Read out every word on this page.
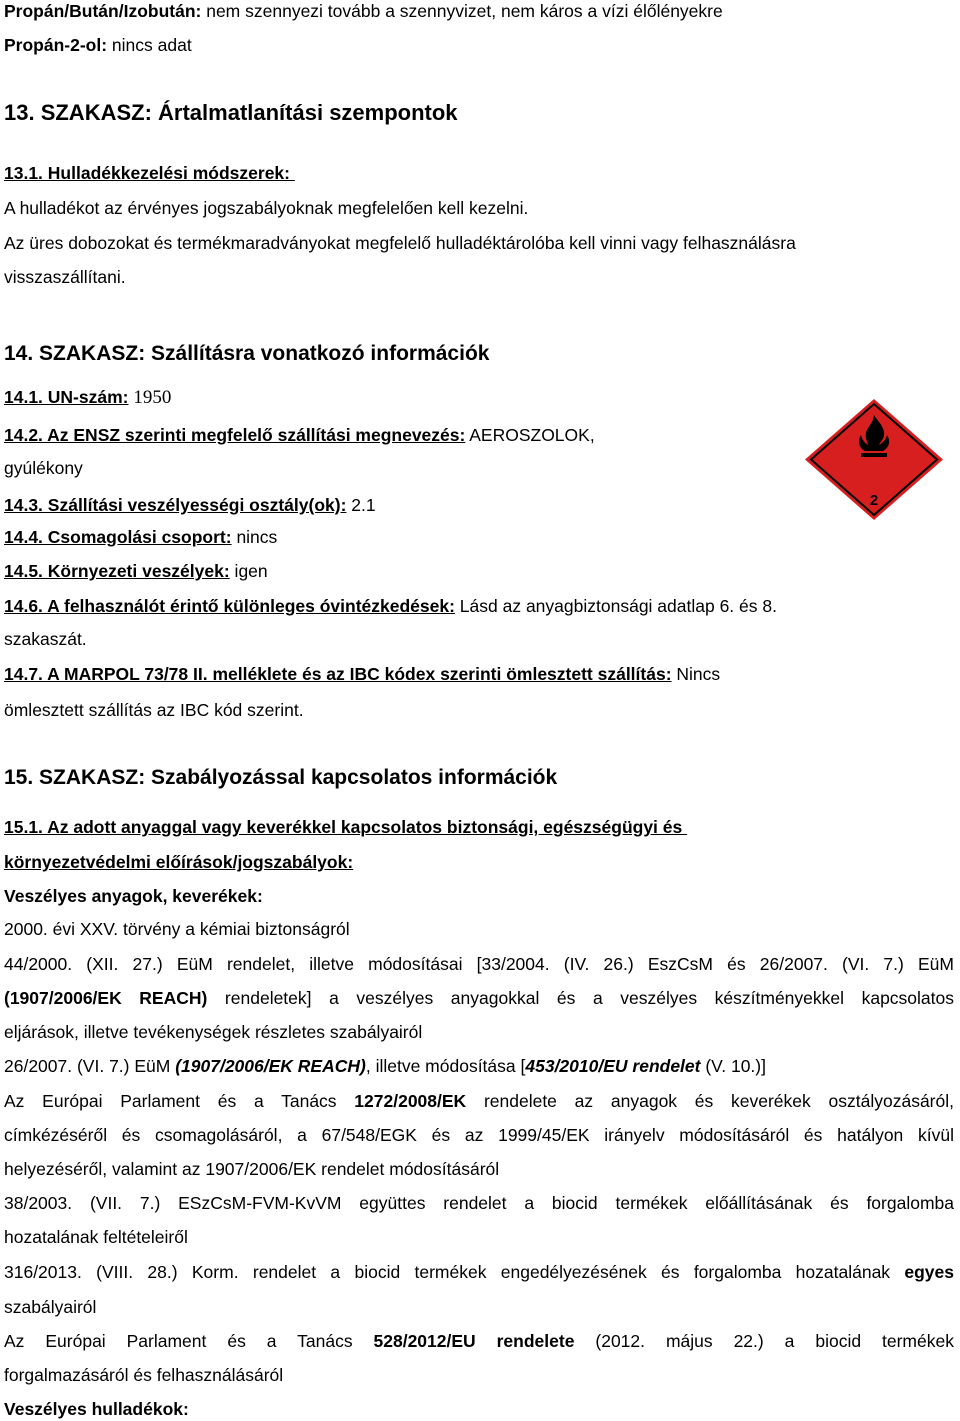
Propán/Bután/Izobután: nem szennyezi tovább a szennyvizet, nem káros a vízi élőlényekre
Propán-2-ol: nincs adat
13. SZAKASZ: Ártalmatlanítási szempontok
13.1. Hulladékkezelési módszerek:
A hulladékot az érvényes jogszabályoknak megfelelően kell kezelni.
Az üres dobozokat és termékmaradványokat megfelelő hulladéktárolóba kell vinni vagy felhasználásra
visszaszállítani.
14. SZAKASZ: Szállításra vonatkozó információk
14.1. UN-szám: 1950
14.2. Az ENSZ szerinti megfelelő szállítási megnevezés: AEROSZOLOK,
gyúlékony
14.3. Szállítási veszélyességi osztály(ok): 2.1
14.4. Csomagolási csoport: nincs
14.5. Környezeti veszélyek: igen
14.6. A felhasználót érintő különleges óvintézkedések: Lásd az anyagbiztonsági adatlap 6. és 8.
szakaszát.
14.7. A MARPOL 73/78 II. melléklete és az IBC kódex szerinti ömlesztett szállítás: Nincs
ömlesztett szállítás az IBC kód szerint.
2
15. SZAKASZ: Szabályozással kapcsolatos információk
15.1. Az adott anyaggal vagy keverékkel kapcsolatos biztonsági, egészségügyi és
környezetvédelmi előírások/jogszabályok:
Veszélyes anyagok, keverékek:
2000. évi XXV. törvény a kémiai biztonságról
44/2000. (XII. 27.) EüM rendelet, illetve módosításai [33/2004. (IV. 26.) EszCsM és 26/2007. (VI. 7.) EüM
(1907/2006/EK REACH) rendeletek] a veszélyes anyagokkal és a veszélyes készítményekkel kapcsolatos
eljárások, illetve tevékenységek részletes szabályairól
26/2007. (VI. 7.) EüM (1907/2006/EK REACH), illetve módosítása [453/2010/EU rendelet (V. 10.)]
Az Európai Parlament és a Tanács 1272/2008/EK rendelete az anyagok és keverékek osztályozásáról,
címkézéséről és csomagolásáról, a 67/548/EGK és az 1999/45/EK irányelv módosításáról és hatályon kívül
helyezéséről, valamint az 1907/2006/EK rendelet módosításáról
38/2003. (VII. 7.) ESzCsM-FVM-KvVM együttes rendelet a biocid termékek előállításának és forgalomba
hozatalának feltételeiről
316/2013. (VIII. 28.) Korm. rendelet a biocid termékek engedélyezésének és forgalomba hozatalának egyes
szabályairól
Az Európai Parlament és a Tanács 528/2012/EU rendelete (2012. május 22.) a biocid termékek
forgalmazásáról és felhasználásáról
Veszélyes hulladékok:
